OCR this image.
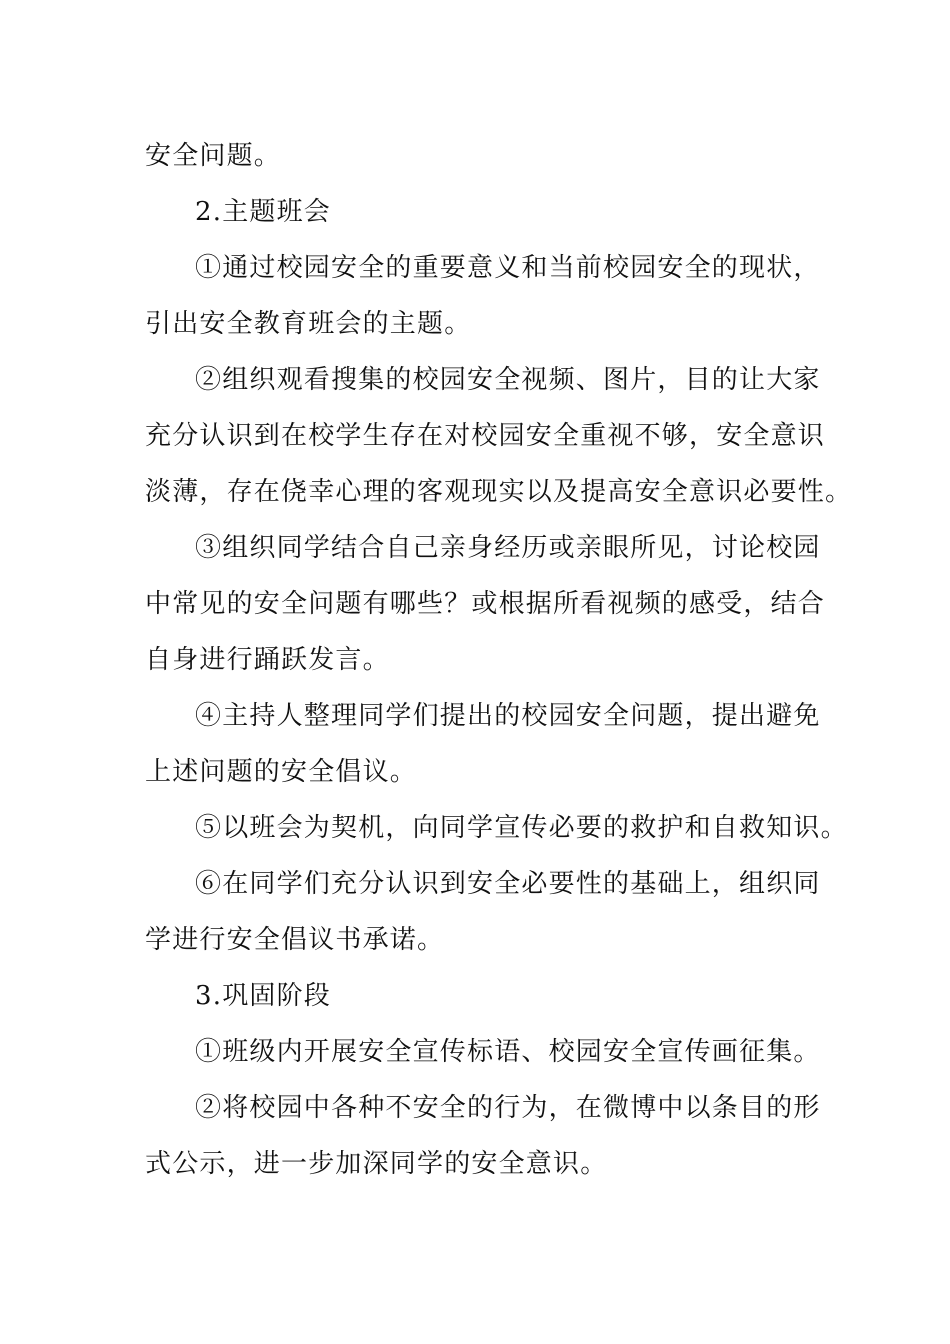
安全问题。
2.主题班会
①通过校园安全的重要意义和当前校园安全的现状，
引出安全教育班会的主题。
②组织观看搜集的校园安全视频、图片，目的让大家
充分认识到在校学生存在对校园安全重视不够，安全意识
淡薄，存在侥幸心理的客观现实以及提高安全意识必要性。
③组织同学结合自己亲身经历或亲眼所见，讨论校园
中常见的安全问题有哪些？或根据所看视频的感受，结合
自身进行踊跃发言。
④主持人整理同学们提出的校园安全问题，提出避免
上述问题的安全倡议。
⑤以班会为契机，向同学宣传必要的救护和自救知识。
⑥在同学们充分认识到安全必要性的基础上，组织同
学进行安全倡议书承诺。
3.巩固阶段
①班级内开展安全宣传标语、校园安全宣传画征集。
②将校园中各种不安全的行为，在微博中以条目的形
式公示，进一步加深同学的安全意识。
